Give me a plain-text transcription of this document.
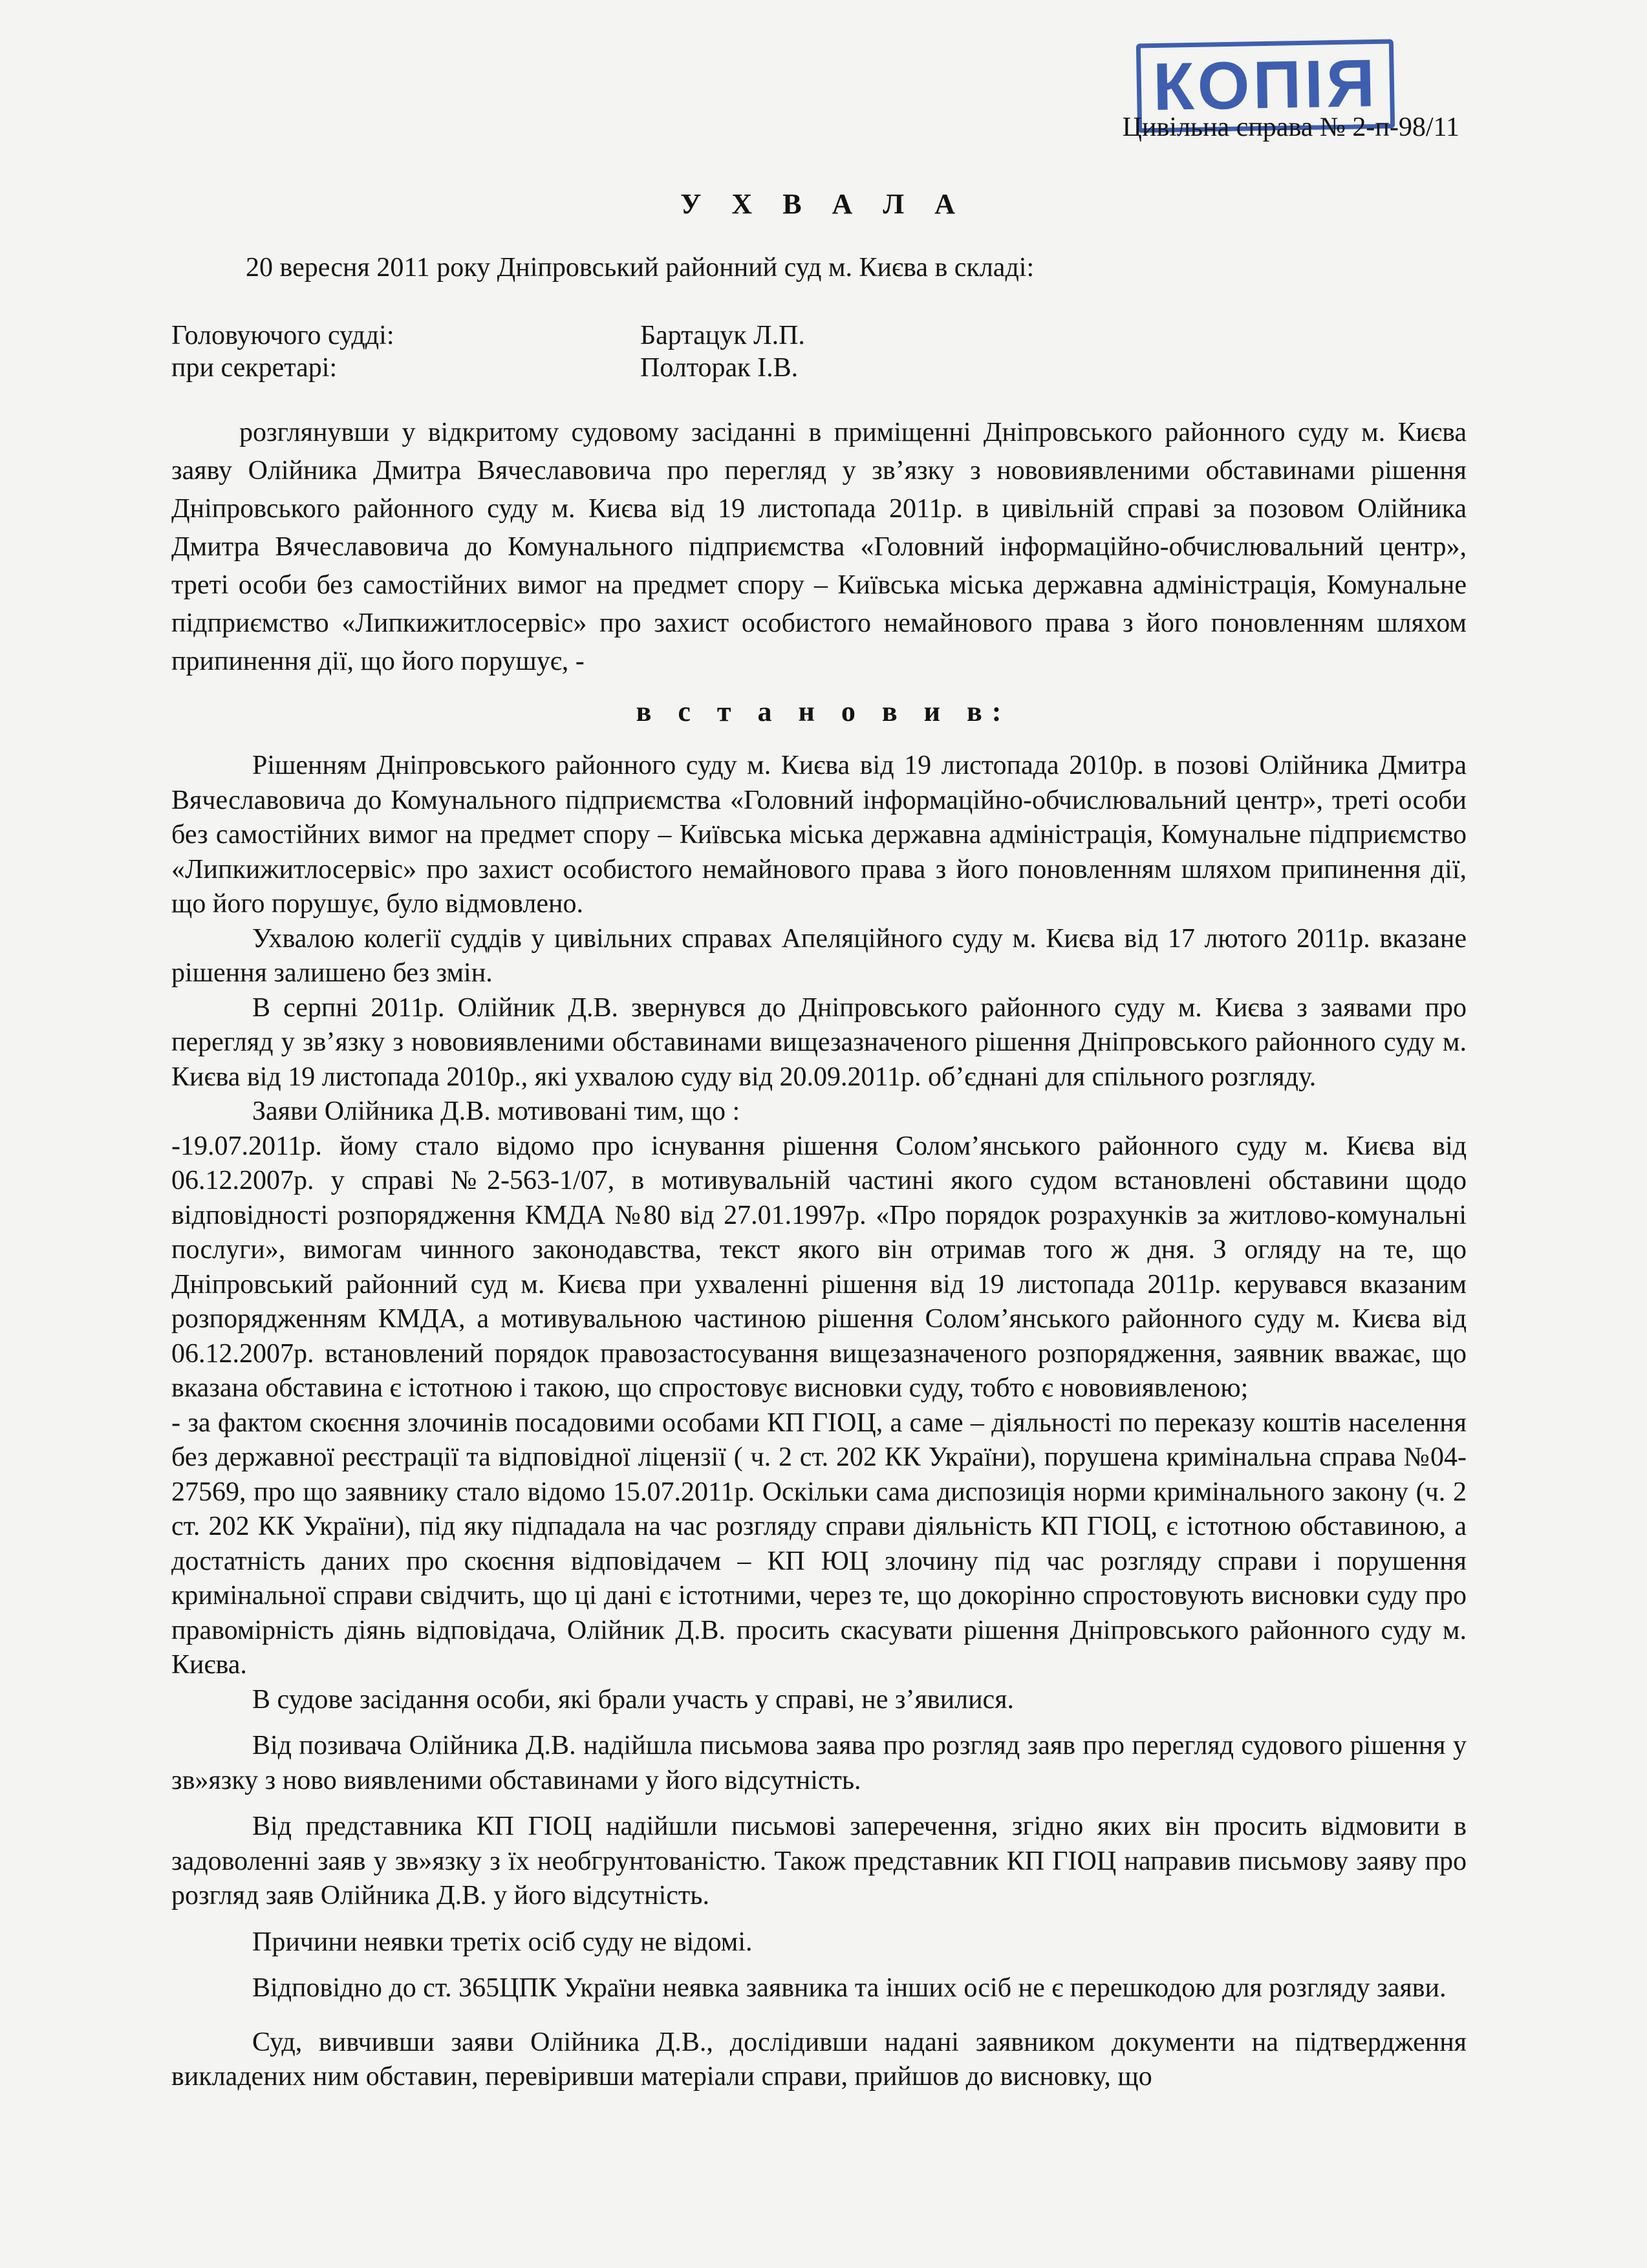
КОПІЯ
Цивільна справа № 2-п-98/11
У Х В А Л А
20 вересня 2011 року Дніпровський районний суд м. Києва в складі:
Головуючого судді:	Бартацук Л.П.
при секретарі:	Полторак І.В.

розглянувши у відкритому судовому засіданні в приміщенні Дніпровського районного суду м. Києва заяву Олійника Дмитра Вячеславовича про перегляд у зв’язку з нововиявленими обставинами рішення Дніпровського районного суду м. Києва від 19 листопада 2011р. в цивільній справі за позовом Олійника Дмитра Вячеславовича до Комунального підприємства «Головний інформаційно-обчислювальний центр», треті особи без самостійних вимог на предмет спору – Київська міська державна адміністрація, Комунальне підприємство «Липкижитлосервіс» про захист особистого немайнового права з його поновленням шляхом припинення дії, що його порушує, -

в с т а н о в и в:

Рішенням Дніпровського районного суду м. Києва від 19 листопада 2010р. в позові Олійника Дмитра Вячеславовича до Комунального підприємства «Головний інформаційно-обчислювальний центр», треті особи без самостійних вимог на предмет спору – Київська міська державна адміністрація, Комунальне підприємство «Липкижитлосервіс» про захист особистого немайнового права з його поновленням шляхом припинення дії, що його порушує, було відмовлено.

Ухвалою колегії суддів у цивільних справах Апеляційного суду м. Києва від 17 лютого 2011р. вказане рішення залишено без змін.

В серпні 2011р. Олійник Д.В. звернувся до Дніпровського районного суду м. Києва з заявами про перегляд у зв’язку з нововиявленими обставинами вищезазначеного рішення Дніпровського районного суду м. Києва від 19 листопада 2010р., які ухвалою суду від 20.09.2011р. об’єднані для спільного розгляду.

Заяви Олійника Д.В. мотивовані тим, що :

-19.07.2011р. йому стало відомо про існування рішення Солом’янського районного суду м. Києва від 06.12.2007р. у справі №2-563-1/07, в мотивувальній частині якого судом встановлені обставини щодо відповідності розпорядження КМДА №80 від 27.01.1997р. «Про порядок розрахунків за житлово-комунальні послуги», вимогам чинного законодавства, текст якого він отримав того ж дня. З огляду на те, що Дніпровський районний суд м. Києва при ухваленні рішення від 19 листопада 2011р. керувався вказаним розпорядженням КМДА, а мотивувальною частиною рішення Солом’янського районного суду м. Києва від 06.12.2007р. встановлений порядок правозастосування вищезазначеного розпорядження, заявник вважає, що вказана обставина є істотною і такою, що спростовує висновки суду, тобто є нововиявленою;

- за фактом скоєння злочинів посадовими особами КП ГІОЦ, а саме – діяльності по переказу коштів населення без державної реєстрації та відповідної ліцензії ( ч. 2 ст. 202 КК України), порушена кримінальна справа №04-27569, про що заявнику стало відомо 15.07.2011р. Оскільки сама диспозиція норми кримінального закону (ч. 2 ст. 202 КК України), під яку підпадала на час розгляду справи діяльність КП ГІОЦ, є істотною обставиною, а достатність даних про скоєння відповідачем – КП ЮЦ злочину під час розгляду справи і порушення кримінальної справи свідчить, що ці дані є істотними, через те, що докорінно спростовують висновки суду про правомірність діянь відповідача, Олійник Д.В. просить скасувати рішення Дніпровського районного суду м. Києва.

В судове засідання особи, які брали участь у справі, не з’явилися.

Від позивача Олійника Д.В. надійшла письмова заява про розгляд заяв про перегляд судового рішення у зв»язку з ново виявленими обставинами у його відсутність.

Від представника КП ГІОЦ надійшли письмові заперечення, згідно яких він просить відмовити в задоволенні заяв у зв»язку з їх необгрунтованістю. Також представник КП ГІОЦ направив письмову заяву про розгляд заяв Олійника Д.В. у його відсутність.

Причини неявки третіх осіб суду не відомі.

Відповідно до ст. 365ЦПК України неявка заявника та інших осіб не є перешкодою для розгляду заяви.

Суд, вивчивши заяви Олійника Д.В., дослідивши надані заявником документи на підтвердження викладених ним обставин, перевіривши матеріали справи, прийшов до висновку, що
